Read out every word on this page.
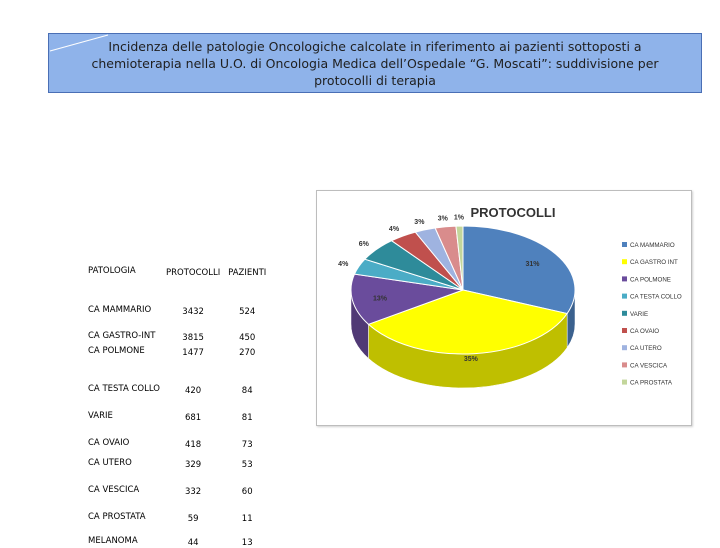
Incidenza delle patologie Oncologiche calcolate in riferimento ai pazienti sottoposti a
chemioterapia nella U.O. di Oncologia Medica dell’Ospedale “G. Moscati”: suddivisione per
protocolli di terapia
PATOLOGIA	PROTOCOLLI	PAZIENTI
CA MAMMARIO	3432	524
CA GASTRO-INT	3815	450
CA POLMONE	1477	270
CA TESTA COLLO	420	84
VARIE	681	81
CA OVAIO	418	73
CA UTERO	329	53
CA VESCICA	332	60
CA PROSTATA	59	11
MELANOMA	44	13
PROTOCOLLI
31%
35%
13%
4%
6%
4%
3% 3% 1%
CA MAMMARIO
CA GASTRO INT
CA POLMONE
CA TESTA COLLO
VARIE
CA OVAIO
CA UTERO
CA VESCICA
CA PROSTATA
